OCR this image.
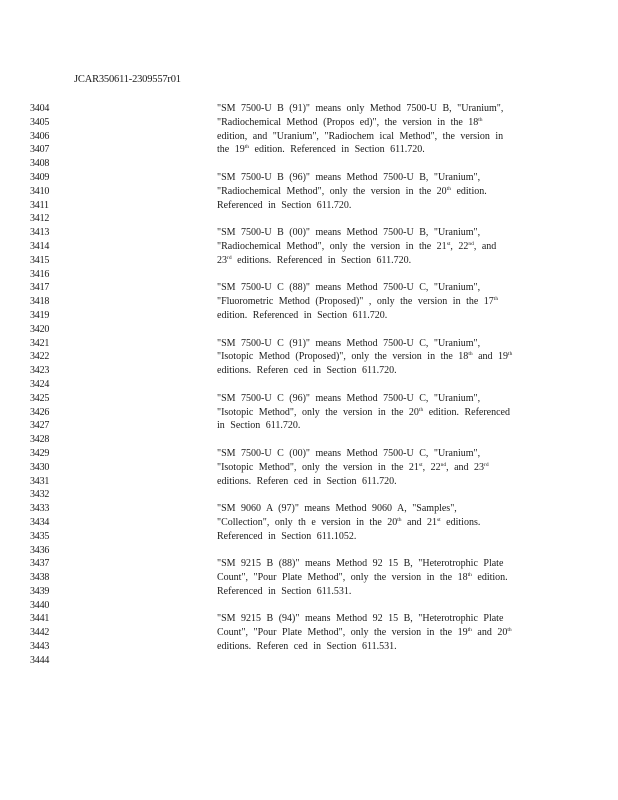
JCAR350611-2309557r01
3404
3405
3406
3407
3408
3409
3410
3411
3412
3413
3414
3415
3416
3417
3418
3419
3420
3421
3422
3423
3424
3425
3426
3427
3428
3429
3430
3431
3432
3433
3434
3435
3436
3437
3438
3439
3440
3441
3442
3443
3444
"SM 7500-U B (91)" means only Method 7500-U B, "Uranium",
"Radiochemical Method (Propos ed)", the version in the 18th
edition, and "Uranium", "Radiochem ical Method", the version in
the 19th edition. Referenced in Section 611.720.
"SM 7500-U B (96)" means Method 7500-U B, "Uranium",
"Radiochemical Method", only the version in the 20th edition.
Referenced in Section 611.720.
"SM 7500-U B (00)" means Method 7500-U B, "Uranium",
"Radiochemical Method", only the version in the 21st, 22nd, and
23rd editions. Referenced in Section 611.720.
"SM 7500-U C (88)" means Method 7500-U C, "Uranium",
"Fluorometric Method (Proposed)" , only the version in the 17th
edition. Referenced in Section 611.720.
"SM 7500-U C (91)" means Method 7500-U C, "Uranium",
"Isotopic Method (Proposed)", only the version in the 18th and 19th
editions. Referen ced in Section 611.720.
"SM 7500-U C (96)" means Method 7500-U C, "Uranium",
"Isotopic Method", only the version in the 20th edition. Referenced
in Section 611.720.
"SM 7500-U C (00)" means Method 7500-U C, "Uranium",
"Isotopic Method", only the version in the 21st, 22nd, and 23rd
editions. Referen ced in Section 611.720.
"SM 9060 A (97)" means Method 9060 A, "Samples",
"Collection", only th e version in the 20th and 21st editions.
Referenced in Section 611.1052.
"SM 9215 B (88)" means Method 92 15 B, "Heterotrophic Plate
Count", "Pour Plate Method", only the version in the 18th edition.
Referenced in Section 611.531.
"SM 9215 B (94)" means Method 92 15 B, "Heterotrophic Plate
Count", "Pour Plate Method", only the version in the 19th and 20th
editions. Referen ced in Section 611.531.
